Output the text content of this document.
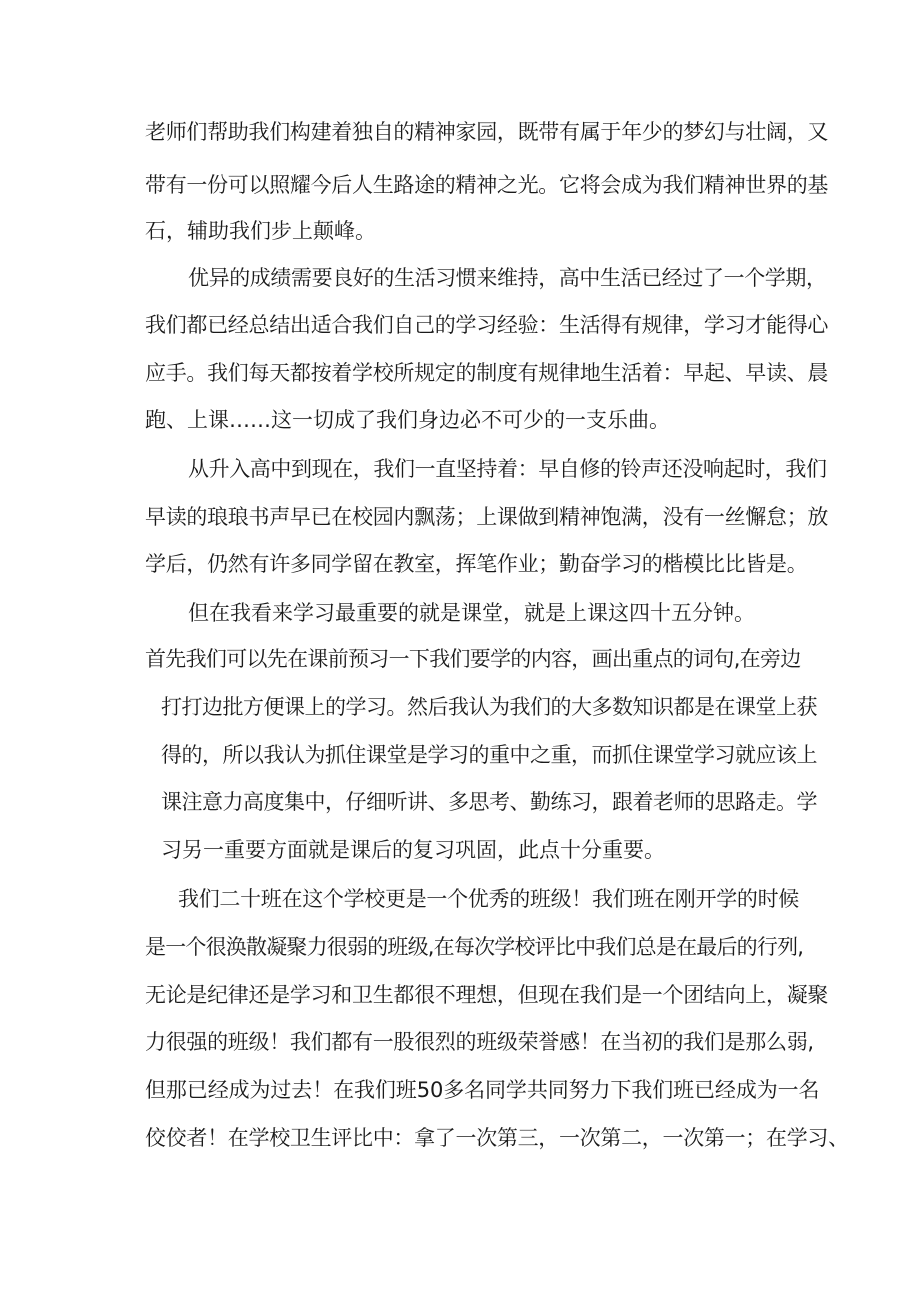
老师们帮助我们构建着独自的精神家园，既带有属于年少的梦幻与壮阔，又
带有一份可以照耀今后人生路途的精神之光。它将会成为我们精神世界的基
石，辅助我们步上颠峰。
优异的成绩需要良好的生活习惯来维持，高中生活已经过了一个学期，
我们都已经总结出适合我们自己的学习经验：生活得有规律，学习才能得心
应手。我们每天都按着学校所规定的制度有规律地生活着：早起、早读、晨
跑、上课……这一切成了我们身边必不可少的一支乐曲。
从升入高中到现在，我们一直坚持着：早自修的铃声还没响起时，我们
早读的琅琅书声早已在校园内飘荡；上课做到精神饱满，没有一丝懈怠；放
学后，仍然有许多同学留在教室，挥笔作业；勤奋学习的楷模比比皆是。
但在我看来学习最重要的就是课堂，就是上课这四十五分钟。
首先我们可以先在课前预习一下我们要学的内容，画出重点的词句,在旁边
打打边批方便课上的学习。然后我认为我们的大多数知识都是在课堂上获
得的，所以我认为抓住课堂是学习的重中之重，而抓住课堂学习就应该上
课注意力高度集中，仔细听讲、多思考、勤练习，跟着老师的思路走。学
习另一重要方面就是课后的复习巩固，此点十分重要。
我们二十班在这个学校更是一个优秀的班级！我们班在刚开学的时候
是一个很涣散凝聚力很弱的班级,在每次学校评比中我们总是在最后的行列,
无论是纪律还是学习和卫生都很不理想，但现在我们是一个团结向上，凝聚
力很强的班级！我们都有一股很烈的班级荣誉感！在当初的我们是那么弱,
但那已经成为过去！在我们班50多名同学共同努力下我们班已经成为一名
佼佼者！在学校卫生评比中：拿了一次第三，一次第二，一次第一；在学习、
